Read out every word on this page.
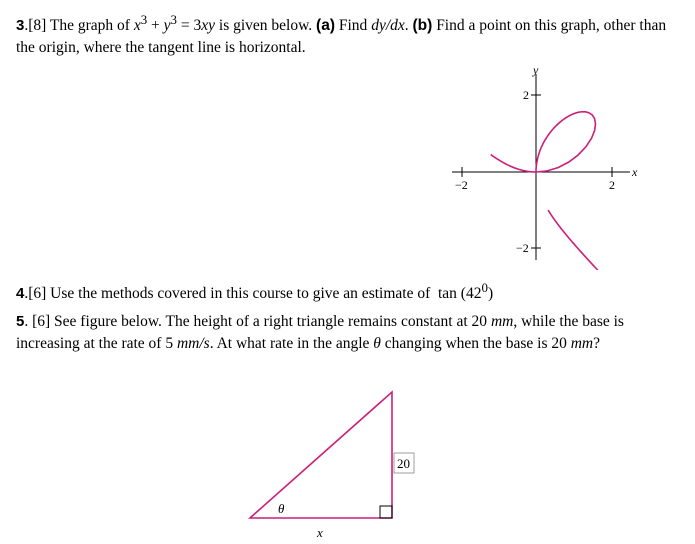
3.[8] The graph of $x^3 + y^3 = 3xy$ is given below. (a) Find dy/dx. (b) Find a point on this graph, other than the origin, where the tangent line is horizontal.
y
x
−2	2
2
−2
4.[6] Use the methods covered in this course to give an estimate of $\tan (42^0)$
5. [6] See figure below. The height of a right triangle remains constant at 20 mm, while the base is increasing at the rate of 5 mm/s. At what rate in the angle θ changing when the base is 20 mm?
20
θ
x
